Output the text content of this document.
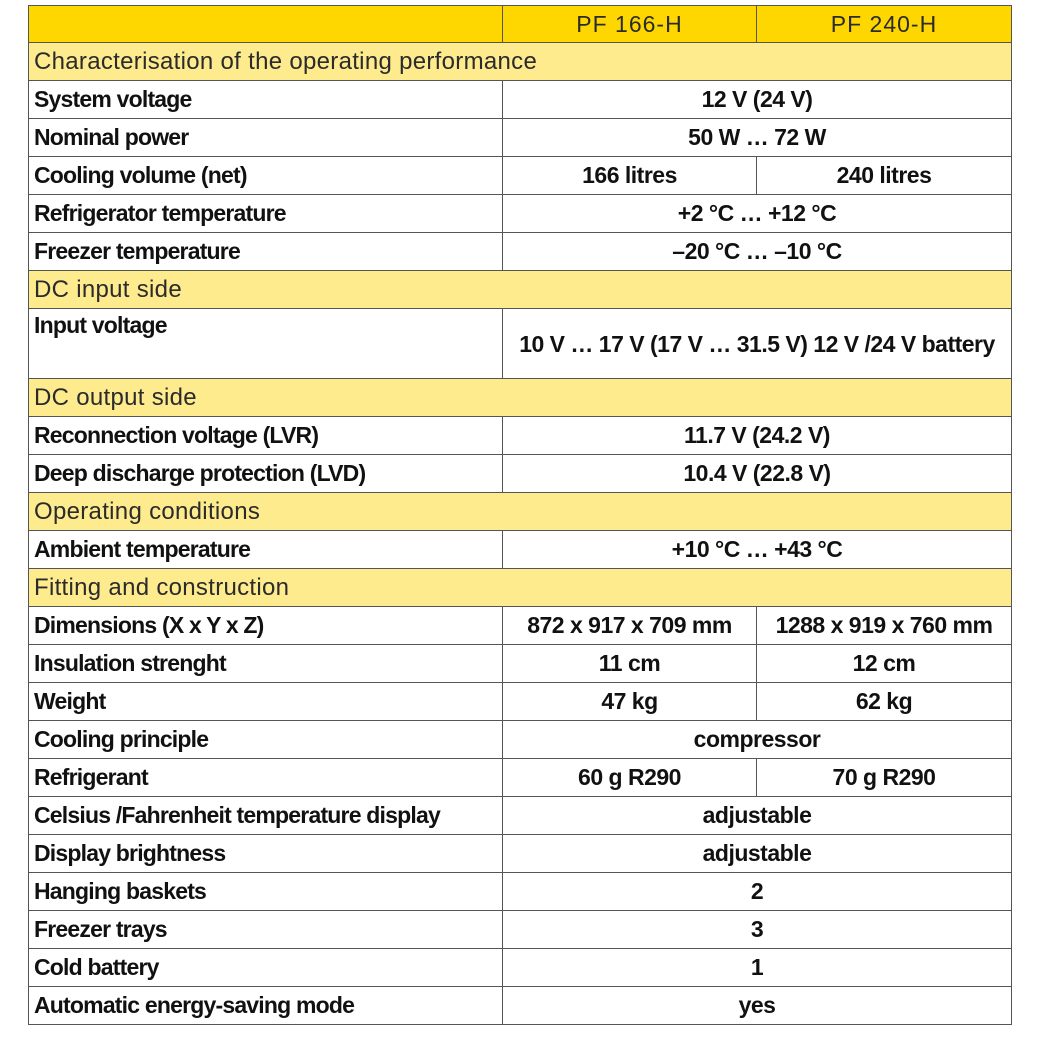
	PF 166-H	PF 240-H
Characterisation of the operating performance		
System voltage	12 V (24 V)	
Nominal power	50 W … 72 W	
Cooling volume (net)	166 litres	240 litres
Refrigerator temperature	+2 °C … +12 °C	
Freezer temperature	–20 °C … –10 °C	
DC input side		
Input voltage	10 V … 17 V (17 V … 31.5 V) 12 V /24 V battery	
DC output side		
Reconnection voltage (LVR)	11.7 V (24.2 V)	
Deep discharge protection (LVD)	10.4 V (22.8 V)	
Operating conditions		
Ambient temperature	+10 °C … +43 °C	
Fitting and construction		
Dimensions (X x Y x Z)	872 x 917 x 709 mm	1288 x 919 x 760 mm
Insulation strenght	11 cm	12 cm
Weight	47 kg	62 kg
Cooling principle	compressor	
Refrigerant	60 g R290	70 g R290
Celsius /Fahrenheit temperature display	adjustable	
Display brightness	adjustable	
Hanging baskets	2	
Freezer trays	3	
Cold battery	1	
Automatic energy-saving mode	yes	
